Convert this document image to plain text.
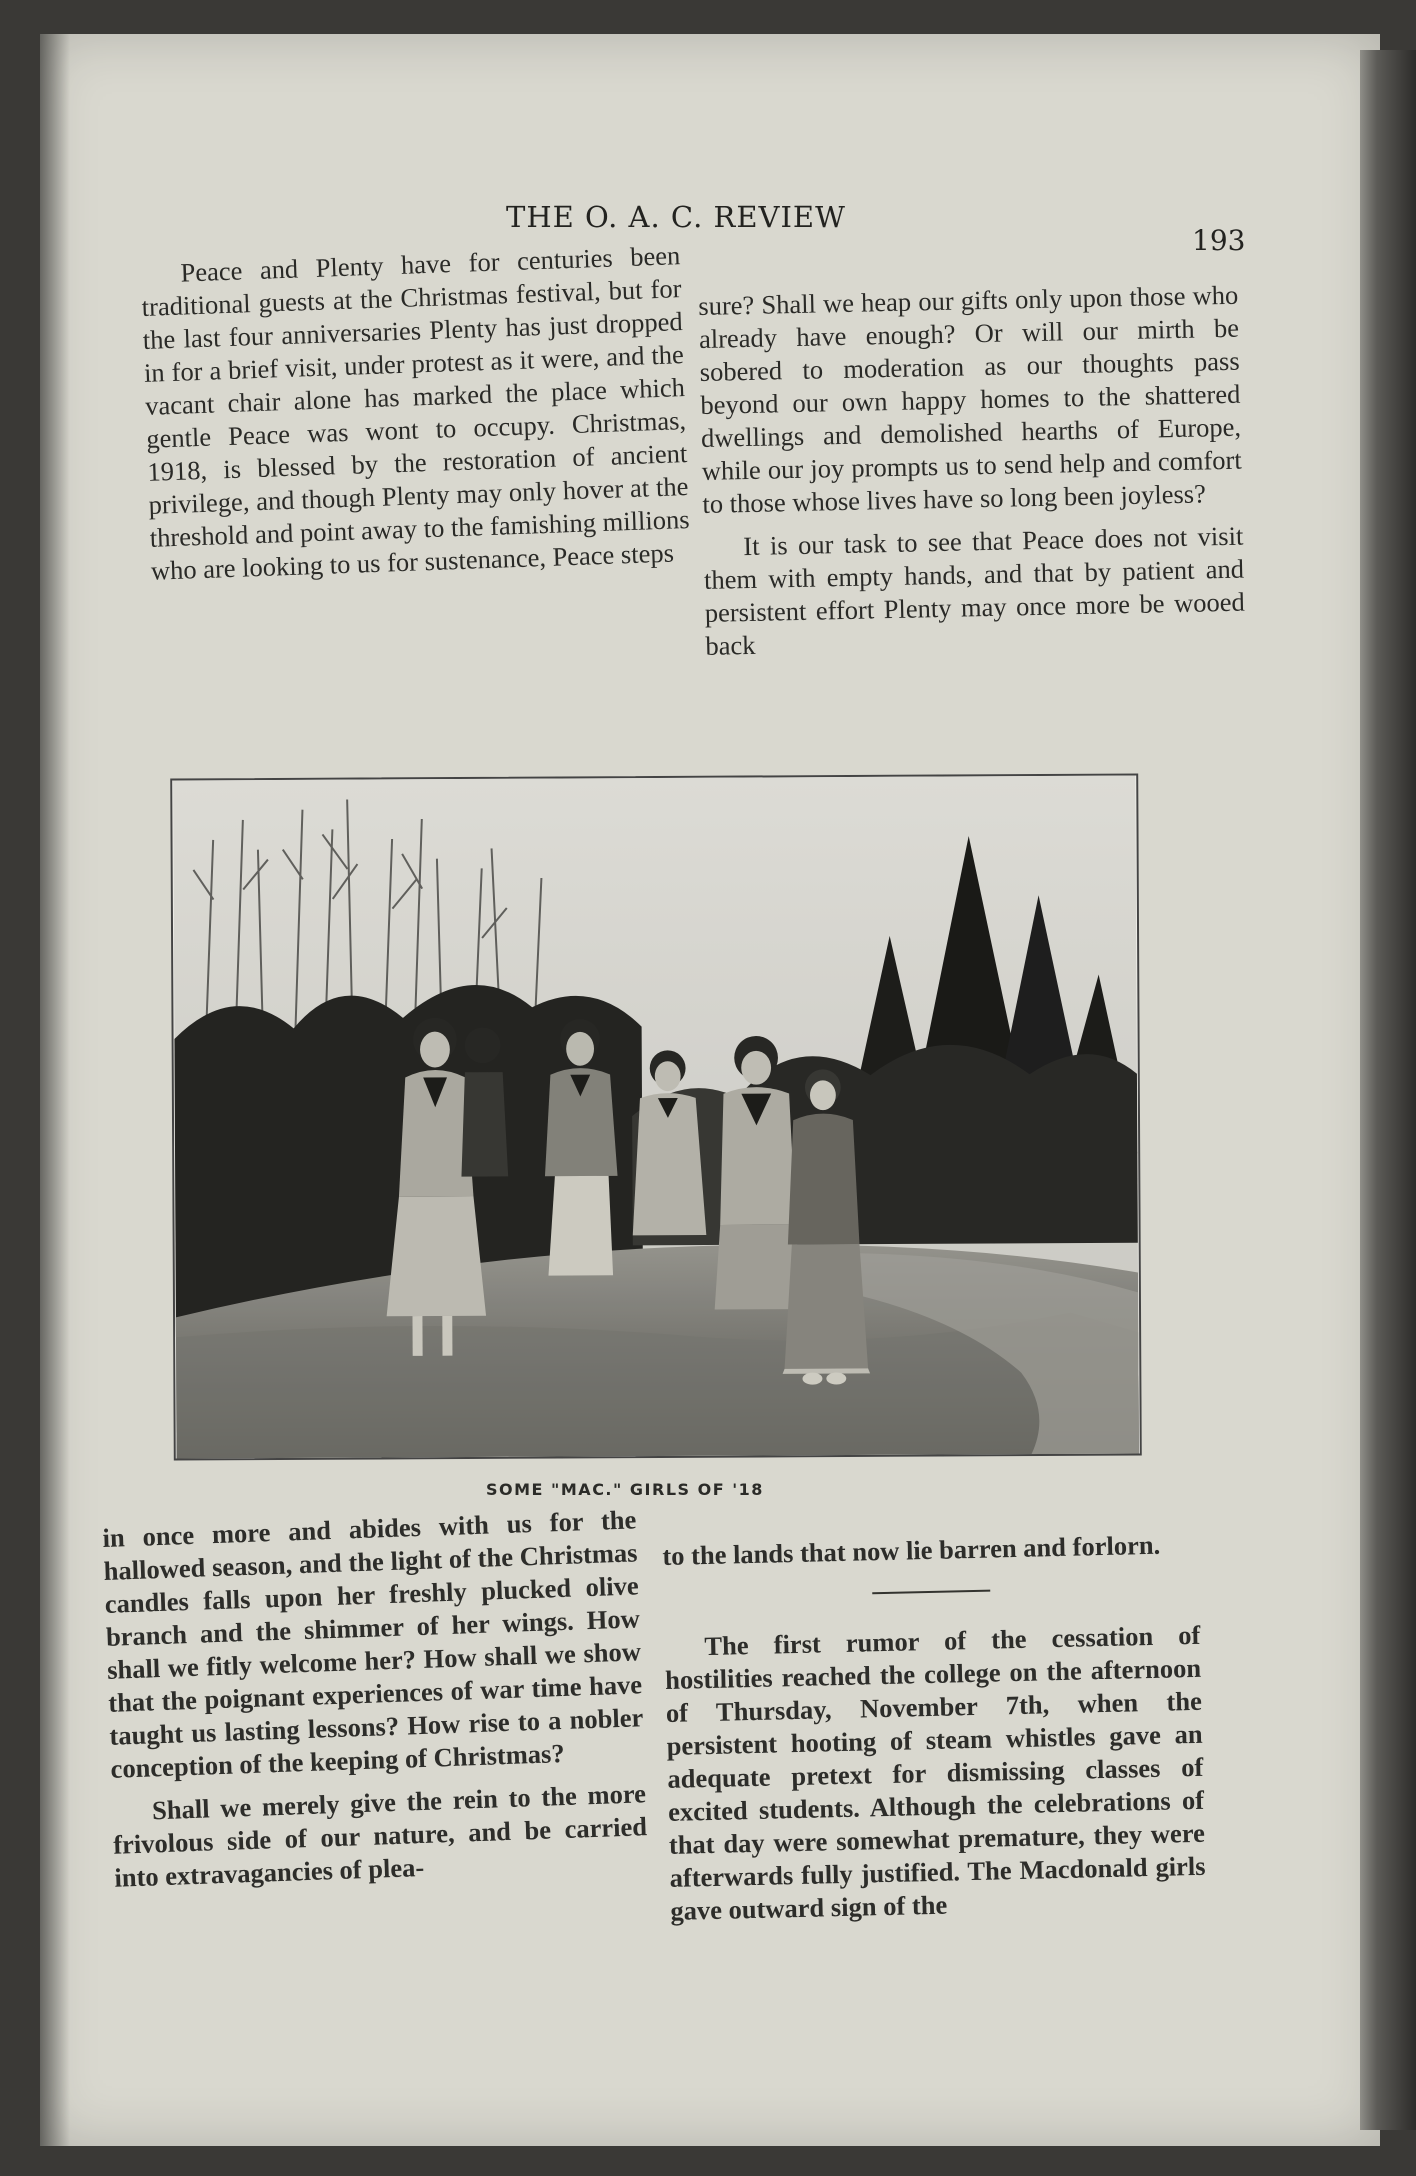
THE O. A. C. REVIEW
193

Peace and Plenty have for centuries been traditional guests at the Christmas festival, but for the last four anniversaries Plenty has just dropped in for a brief visit, under protest as it were, and the vacant chair alone has marked the place which gentle Peace was wont to occupy. Christmas, 1918, is blessed by the restoration of ancient privilege, and though Plenty may only hover at the threshold and point away to the famishing millions who are looking to us for sustenance, Peace steps

sure? Shall we heap our gifts only upon those who already have enough? Or will our mirth be sobered to moderation as our thoughts pass beyond our own happy homes to the shattered dwellings and demolished hearths of Europe, while our joy prompts us to send help and comfort to those whose lives have so long been joyless?

It is our task to see that Peace does not visit them with empty hands, and that by patient and persistent effort Plenty may once more be wooed back

SOME "MAC." GIRLS OF '18

in once more and abides with us for the hallowed season, and the light of the Christmas candles falls upon her freshly plucked olive branch and the shimmer of her wings. How shall we fitly welcome her? How shall we show that the poignant experiences of war time have taught us lasting lessons? How rise to a nobler conception of the keeping of Christmas?

Shall we merely give the rein to the more frivolous side of our nature, and be carried into extravagancies of plea-

to the lands that now lie barren and forlorn.

The first rumor of the cessation of hostilities reached the college on the afternoon of Thursday, November 7th, when the persistent hooting of steam whistles gave an adequate pretext for dismissing classes of excited students. Although the celebrations of that day were somewhat premature, they were afterwards fully justified. The Macdonald girls gave outward sign of the
